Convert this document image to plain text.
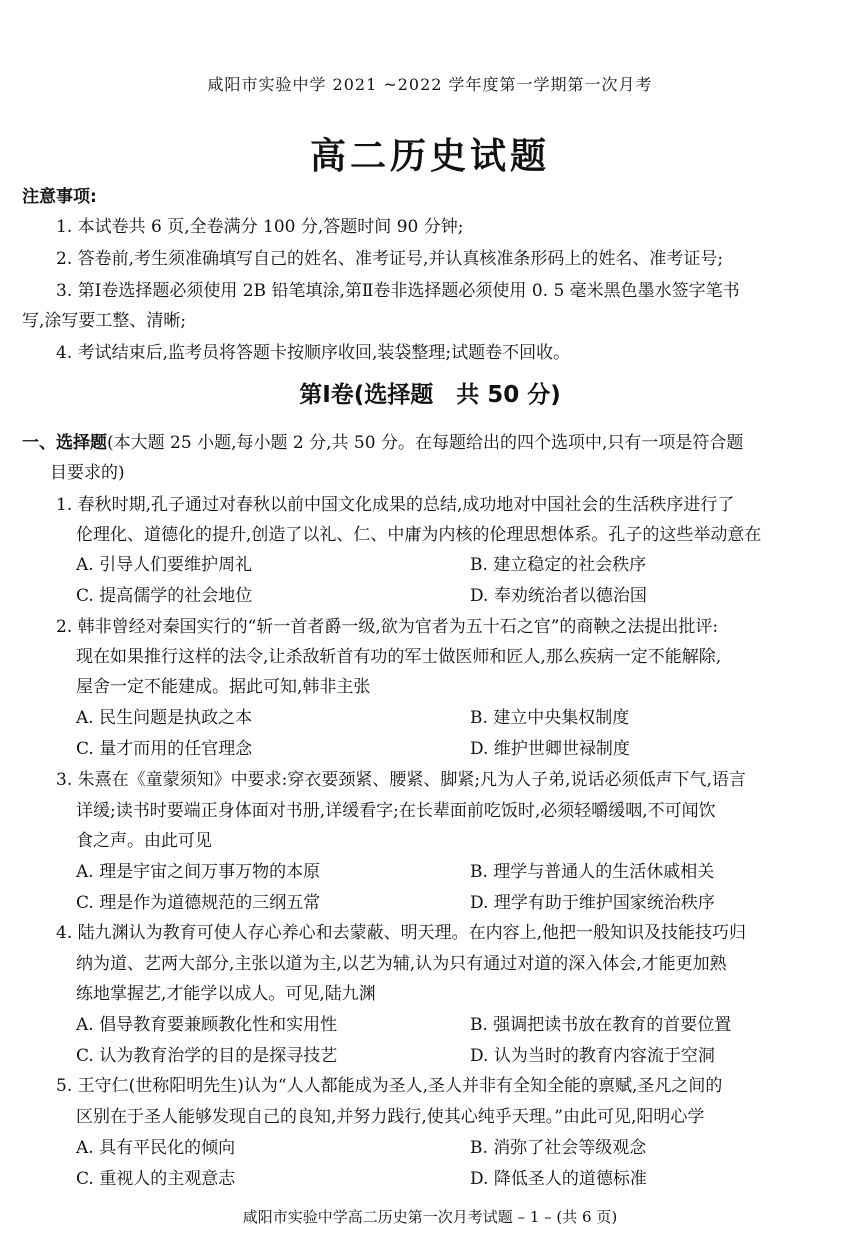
咸阳市实验中学 2021 ~2022 学年度第一学期第一次月考
高二历史试题
注意事项:
1. 本试卷共 6 页,全卷满分 100 分,答题时间 90 分钟;
2. 答卷前,考生须准确填写自己的姓名、准考证号,并认真核准条形码上的姓名、准考证号;
3. 第Ⅰ卷选择题必须使用 2B 铅笔填涂,第Ⅱ卷非选择题必须使用 0. 5 毫米黑色墨水签字笔书
写,涂写要工整、清晰;
4. 考试结束后,监考员将答题卡按顺序收回,装袋整理;试题卷不回收。
第Ⅰ卷(选择题　共 50 分)
一、选择题(本大题 25 小题,每小题 2 分,共 50 分。在每题给出的四个选项中,只有一项是符合题
目要求的)
1. 春秋时期,孔子通过对春秋以前中国文化成果的总结,成功地对中国社会的生活秩序进行了
伦理化、道德化的提升,创造了以礼、仁、中庸为内核的伦理思想体系。孔子的这些举动意在
A. 引导人们要维护周礼	B. 建立稳定的社会秩序
C. 提高儒学的社会地位	D. 奉劝统治者以德治国
2. 韩非曾经对秦国实行的“斩一首者爵一级,欲为官者为五十石之官”的商鞅之法提出批评:
现在如果推行这样的法令,让杀敌斩首有功的军士做医师和匠人,那么疾病一定不能解除,
屋舍一定不能建成。据此可知,韩非主张
A. 民生问题是执政之本	B. 建立中央集权制度
C. 量才而用的任官理念	D. 维护世卿世禄制度
3. 朱熹在《童蒙须知》中要求:穿衣要颈紧、腰紧、脚紧;凡为人子弟,说话必须低声下气,语言
详缓;读书时要端正身体面对书册,详缓看字;在长辈面前吃饭时,必须轻嚼缓咽,不可闻饮
食之声。由此可见
A. 理是宇宙之间万事万物的本原	B. 理学与普通人的生活休戚相关
C. 理是作为道德规范的三纲五常	D. 理学有助于维护国家统治秩序
4. 陆九渊认为教育可使人存心养心和去蒙蔽、明天理。在内容上,他把一般知识及技能技巧归
纳为道、艺两大部分,主张以道为主,以艺为辅,认为只有通过对道的深入体会,才能更加熟
练地掌握艺,才能学以成人。可见,陆九渊
A. 倡导教育要兼顾教化性和实用性	B. 强调把读书放在教育的首要位置
C. 认为教育治学的目的是探寻技艺	D. 认为当时的教育内容流于空洞
5. 王守仁(世称阳明先生)认为“人人都能成为圣人,圣人并非有全知全能的禀赋,圣凡之间的
区别在于圣人能够发现自己的良知,并努力践行,使其心纯乎天理。”由此可见,阳明心学
A. 具有平民化的倾向	B. 消弥了社会等级观念
C. 重视人的主观意志	D. 降低圣人的道德标准
咸阳市实验中学高二历史第一次月考试题 – 1 – (共 6 页)
